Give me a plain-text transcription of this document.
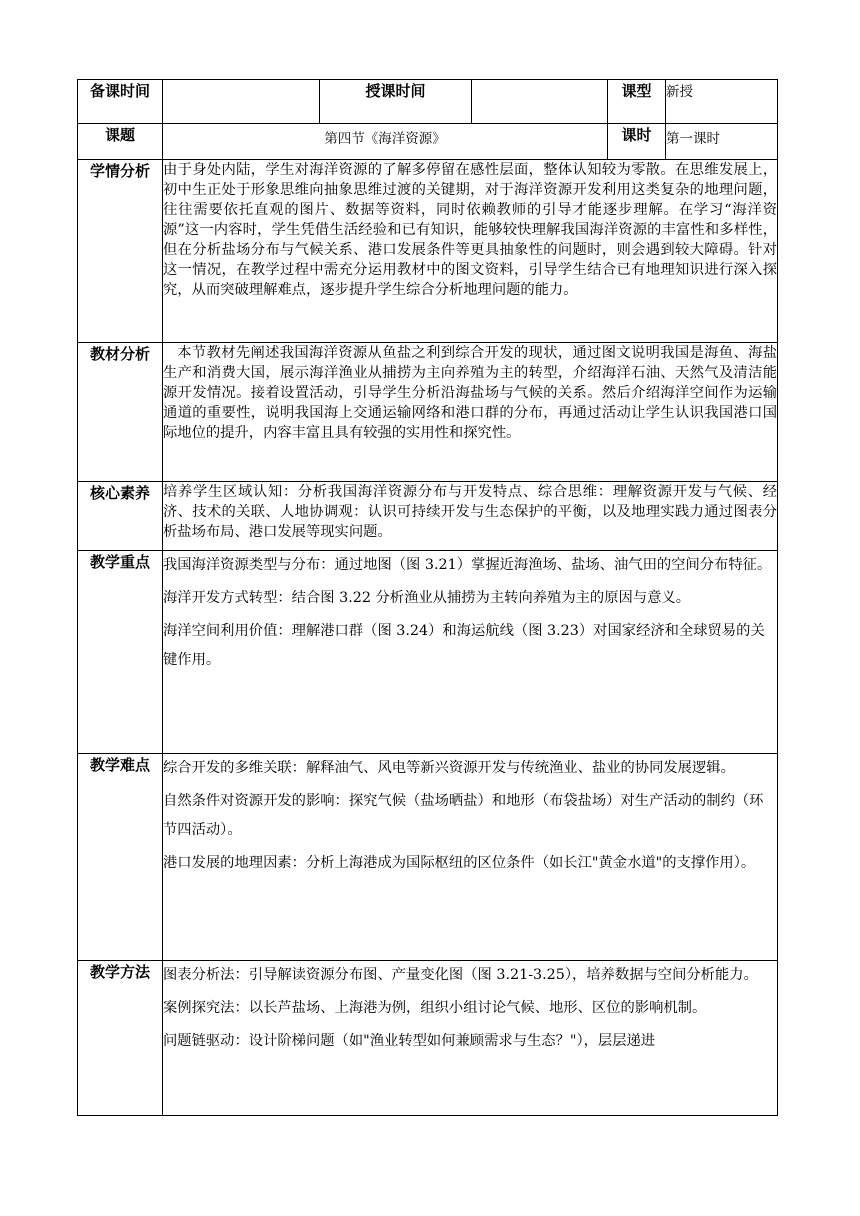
备课时间		授课时间		课型	新授
课题	第四节《海洋资源》			课时	第一课时
学情分析	由于身处内陆，学生对海洋资源的了解多停留在感性层面，整体认知较为零散。在思维发展上，初中生正处于形象思维向抽象思维过渡的关键期，对于海洋资源开发利用这类复杂的地理问题，往往需要依托直观的图片、数据等资料，同时依赖教师的引导才能逐步理解。在学习“海洋资源”这一内容时，学生凭借生活经验和已有知识，能够较快理解我国海洋资源的丰富性和多样性，但在分析盐场分布与气候关系、港口发展条件等更具抽象性的问题时，则会遇到较大障碍。针对这一情况，在教学过程中需充分运用教材中的图文资料，引导学生结合已有地理知识进行深入探究，从而突破理解难点，逐步提升学生综合分析地理问题的能力。				

教材分析	本节教材先阐述我国海洋资源从鱼盐之利到综合开发的现状，通过图文说明我国是海鱼、海盐生产和消费大国，展示海洋渔业从捕捞为主向养殖为主的转型，介绍海洋石油、天然气及清洁能源开发情况。接着设置活动，引导学生分析沿海盐场与气候的关系。然后介绍海洋空间作为运输通道的重要性，说明我国海上交通运输网络和港口群的分布，再通过活动让学生认识我国港口国际地位的提升，内容丰富且具有较强的实用性和探究性。				

核心素养	培养学生区域认知：分析我国海洋资源分布与开发特点、综合思维：理解资源开发与气候、经济、技术的关联、人地协调观：认识可持续开发与生态保护的平衡，以及地理实践力通过图表分析盐场布局、港口发展等现实问题。				

教学重点	我国海洋资源类型与分布：通过地图（图 3.21）掌握近海渔场、盐场、油气田的空间分布特征。

海洋开发方式转型：结合图 3.22 分析渔业从捕捞为主转向养殖为主的原因与意义。

海洋空间利用价值：理解港口群（图 3.24）和海运航线（图 3.23）对国家经济和全球贸易的关键作用。				

教学难点	综合开发的多维关联：解释油气、风电等新兴资源开发与传统渔业、盐业的协同发展逻辑。

自然条件对资源开发的影响：探究气候（盐场晒盐）和地形（布袋盐场）对生产活动的制约（环节四活动）。

港口发展的地理因素：分析上海港成为国际枢纽的区位条件（如长江"黄金水道"的支撑作用）。				

教学方法	图表分析法：引导解读资源分布图、产量变化图（图 3.21-3.25），培养数据与空间分析能力。

案例探究法：以长芦盐场、上海港为例，组织小组讨论气候、地形、区位的影响机制。

问题链驱动：设计阶梯问题（如"渔业转型如何兼顾需求与生态？"），层层递进				
